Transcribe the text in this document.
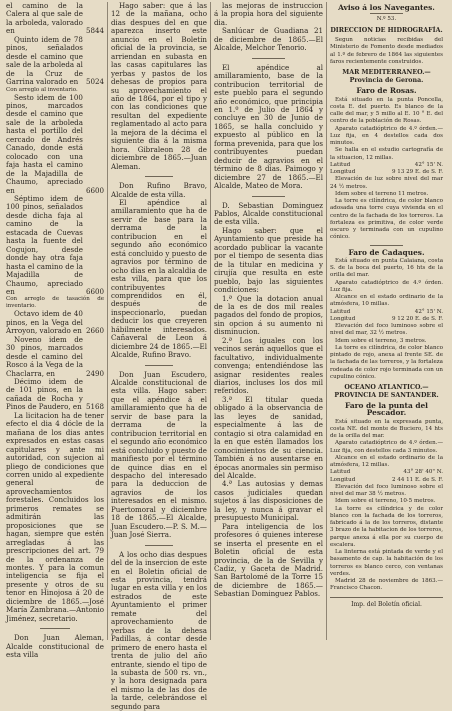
el camino de la Calera al que sale de la arboleda, valorado en	5844

Quinto idem de 78 pinos, señalados desde el camino que sale de la arboleda al de la Cruz de Garrina valorado en	5024

Con arreglo al inventario.

Sesto idem de 100 pinos, marcados desde el camino que sale de la arboleda hasta el portillo del cercado de Andrés Canado, donde está colocado con una faja hasta el camino de la Majadilla de Chaumo, apreciado en	6600

Séptimo idem de 100 pinos, señalados desde dicha faja al camino de la estacada de Cuevas hasta la fuente del Cogujon, desde donde hay otra faja hasta el camino de la Majadilla de Chaumo, apreciado en	6600

Con arreglo de tasación de inventario.

Octavo idem de 40 pinos, en la Vega del Arroyon, valorado en 2660

Noveno idem de 30 pinos, marcados desde el camino del Rosco á la Vega de la Chaclarra, en	2490

Décimo idem de de 101 pinos, en la cañada de Rocha y Pinos de Paudero, en 5168

La licitacion ha de tener efecto el dia 4 dócle de la mañana de los dias antes expresados en estas casas capitulares y ante mi autoridad, con sujecion al pliego de condiciones que corren unido al expediente general de aprovechamientos forestales. Concluidos los primeros remates se admitirán las proposiciones que se hagan, siempre que estén arregladas á las prescripciones del art. 79 de la ordenanza de montes. Y para la comun inteligencia se fija el presente y otros de su tenor en Hinojosa á 20 de diciembre de 1865.—José María Zambrana.—Antonio Jiménez, secretario.

Don Juan Aleman, Alcalde constitucional de esta villa

Hago saber: que á las 12 de la mañana, ocho dias despues del en que aparezca inserto este anuncio en el Boletín oficial de la provincia, se arriendan en subasta en las casas capitulares las yerbas y pastos de los dehesas de propios para su aprovechamiento el año de 1864, por el tipo y con las condiciones que resultan del expediente reglamentado al acto para la mejora de la décima el siguiente dia á la misma hora. Gibraleon 28 de diciembre de 1865.—Juan Aleman.

Don Rufino Bravo, Alcalde de esta villa.

El apéndice al amillaramiento que ha de servir de base para la derrama de la contribucion en el segundo año económico está concluido y puesto de agravios por término de ocho dias en la alcaldia de esta villa, para que los contribuyentes comprendidos en él, después de inspeccionarlo, puedan deducir los que creyeren hábilmente interesados. Cañaveral de Leon á diciembre 24 de 1865.—El Alcalde, Rufino Bravo.

Don Juan Escudero, Alcalde constitucional de esta villa. Hago saber: que el apéndice á el amillaramiento que ha de servir de base para la derrama de la contribucion territorial en el segundo año económico está concluido y puesto de manifiesto por el término de quince dias en el despacho del interesado para la deduccion de agravios de los interesados en el mismo. Puertomoral y diciembre 18 de 1865.—El Alcalde, Juan Escudero.—P. S. M.—Juan José Sierra.

A los ocho dias despues del de la insercion de este en el Boletin oficial de esta provincia, tendrá lugar en esta villa y en los estrados de este Ayuntamiento el primer remate del aprovechamiento de yerbas de la dehesa Padillas, á contar desde primero de enero hasta el trenta de julio del año entrante, siendo el tipo de la subasta de 500 rs. vn., y la hora designada para el mismo la de las dos de la tarde, celebrándose el segundo para

las mejoras de instruccion á la propia hora del siguiente dia.

Sanlúcar de Guadiana 21 de diciembre de 1865.—El Alcalde, Melchor Tenorio.

El apéndice al amillaramiento, base de la contribucion territorial de este pueblo para el segundo año económico, que principia en 1.º de Julio de 1864 y concluye en 30 de Junio de 1865, se halla concluido y expuesto al público en la forma prevenida, para que los contribuyentes puedan deducir de agravios en el término de 8 dias. Paimogo y diciembre 27 de 1865.—El Alcalde, Mateo de Mora.

D. Sebastian Dominguez Pablos, Alcalde constitucional de esta villa.

Hago saber: que el Ayuntamiento que preside ha acordado publicar la vacante por el tiempo de sesenta dias de la titular en medicina y cirujía que resulta en este pueblo, bajo las siguientes condiciones:

1.ª Que la dotacion anual de la es de dos mil reales pagados del fondo de propios, sin opcion á su aumento ni disminucion.

2.ª Los iguales con los vecinos serán aquellos que el facultativo, individualmente convenga; entendiéndose las asignar residentes reales diarios, incluses los dos mil referidos.

3.ª El titular queda obligado á la observancia de las leyes de sanidad, especialmente á las de contagio si otra calamidad en la en que estén llamados los conocimientos de su ciencia. También á no ausentarse en épocas anormales sin permiso del Alcalde.

4.ª Las autosias y demas casos judiciales quedan sujetos á las disposiciones de la ley, y nunca á gravar el presupuesto Municipal.

Para inteligencia de los profesores ó quienes interese se inserta el presente en el Boletin oficial de esta provincia, de la de Sevilla y Cadiz, y Gaceta de Madrid. San Bartolomé de la Torre 15 de diciembre de 1865.—Sebastian Dominguez Pablos.

Aviso á los Navegantes.
N.º 53.
DIRECCION DE HIDROGRAFÍA.

Segun noticias recibidas del Ministerio de Fomento desde mediados al 1.º de febrero de 1864 las siguientes faros recientemente construidos.

MAR MEDITERRANEO.—Provincia de Gerona.
Faro de Rosas.

Está situado en la punta Poncella, costa E. del puerto. Es blanco de la calle del mar, y 5 millo al E. 10 ° E. del centro de la población de Rosas.

Aparato catadióptrico de 4.º órden.—Luz fija, en 4 destellos cada dos minutos.

Se halla en el estudio cartografía de la situacion, 12 millas.

Latitud	42° 15' N.
Longitud	9 13 29 E. de S. F.

Elevación de luz sobre nivel del mar 24 ½ metros.

Idem sobre el terreno 11 metros.

La torre es cilíndrica, de color blanco adosada una torre cuya vivienda en el centro de la fachada de los torreros. La fortaleza es primitiva, de color verde oscuro y terminada con un cupulino cónico.

Faro de Cadaques.

Está situado en punta Calaiana, costa S. de la boca del puerto, 16 hts de la orilla del mar.

Aparato catadióptrico de 4.º órden. Luz fija.

Alcance en el estado ordinario de la atmósfera, 10 millas.

Latitud	42° 15' N.
Longitud	9 12 20 E. de S. F.

Elevación del foco luminoso sobre el nivel del mar, 32 ½ metros.

Idem sobre el terreno, 3 metros.

La torre es cilíndrica, de color blanco pintado de rojo, anexa al frente SE. de la fachada de las torreros, y la fortaleza rodeada de color rojo terminada con un cupulino cónico.

OCEANO ATLANTICO.—PROVINCIA DE SANTANDER.
Faro de la punta del Pescador.

Está situado en la expresada punta, costa NE. del monte de Buciero, 14 hts de la orilla del mar.

Aparato catadióptrico de 4.º órden.—Luz fija, con destellos cada 3 minutos.

Alcance en el estado ordinario de la atmósfera, 12 millas.

Latitud	43° 28' 40" N.
Longitud	2 44 11 E. de S. F.

Elevación del foco luminoso sobre el nivel del mar 38 ½ metros.

Idem sobre el terreno, 10·5 metros.

La torre es cilíndrica y de color blanco con la fachada de los torreros, fabricado á la de los torreros, distante 3 brazo de la habitacion de los torreros, parque anexa á ella por su cuerpo de escalera.

La linterna está pintada de verde y el basamento de cap. la habitación de los torreros es blanco cerco, con ventanas verdes.

Madrid 28 de noviembre de 1863.—Francisco Chacon.

Imp. del Boletín oficial.
